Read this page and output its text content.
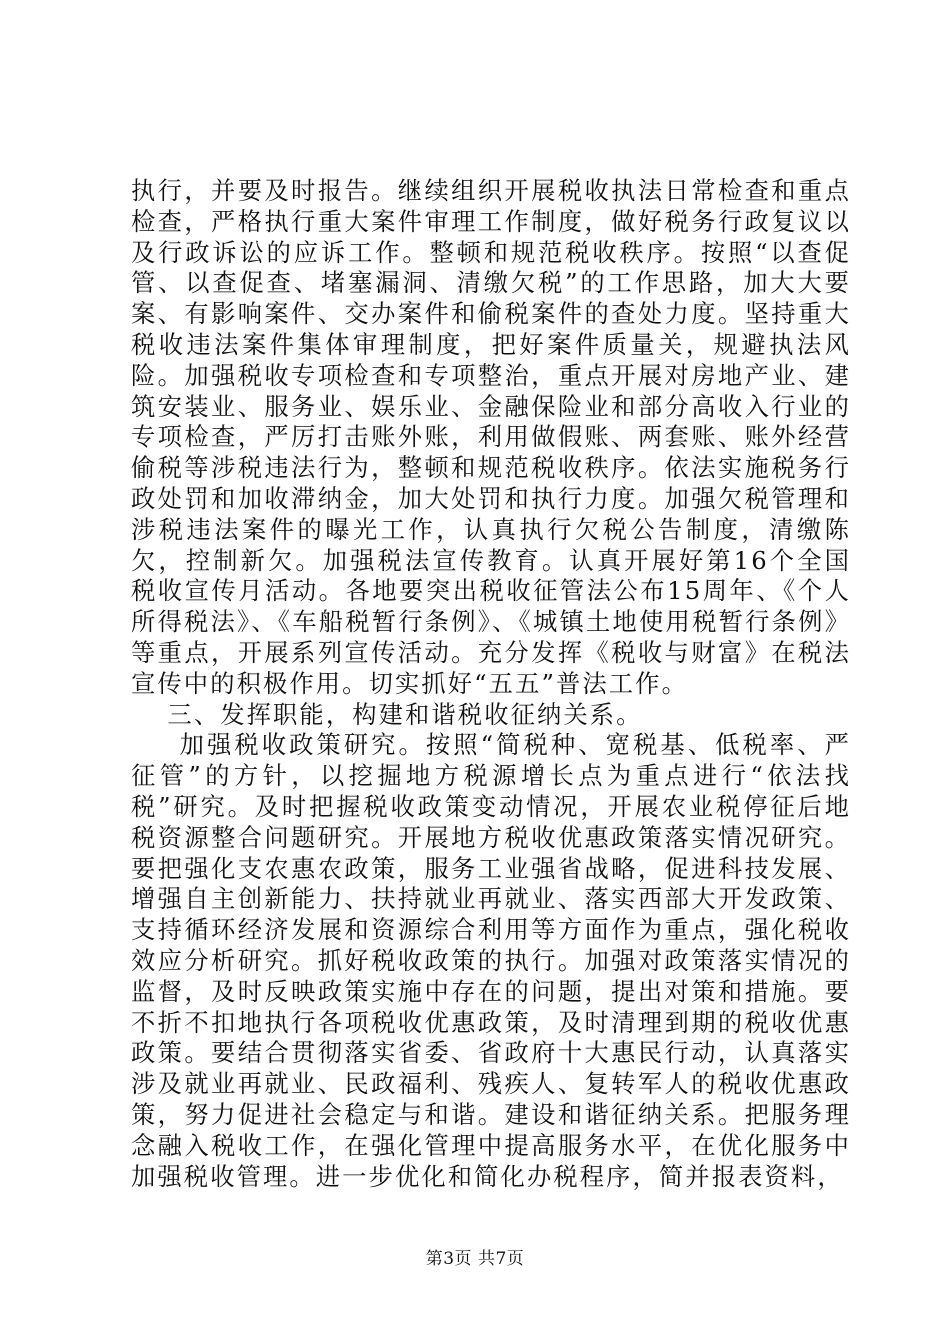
执行，并要及时报告。继续组织开展税收执法日常检查和重点检查，严格执行重大案件审理工作制度，做好税务行政复议以及行政诉讼的应诉工作。整顿和规范税收秩序。按照“以查促管、以查促查、堵塞漏洞、清缴欠税”的工作思路，加大大要案、有影响案件、交办案件和偷税案件的查处力度。坚持重大税收违法案件集体审理制度，把好案件质量关，规避执法风险。加强税收专项检查和专项整治，重点开展对房地产业、建筑安装业、服务业、娱乐业、金融保险业和部分高收入行业的专项检查，严厉打击账外账，利用做假账、两套账、账外经营偷税等涉税违法行为，整顿和规范税收秩序。依法实施税务行政处罚和加收滞纳金，加大处罚和执行力度。加强欠税管理和涉税违法案件的曝光工作，认真执行欠税公告制度，清缴陈欠，控制新欠。加强税法宣传教育。认真开展好第16个全国税收宣传月活动。各地要突出税收征管法公布15周年、《个人所得税法》、《车船税暂行条例》、《城镇土地使用税暂行条例》等重点，开展系列宣传活动。充分发挥《税收与财富》在税法宣传中的积极作用。切实抓好“五五”普法工作。

三、发挥职能，构建和谐税收征纳关系。

加强税收政策研究。按照“简税种、宽税基、低税率、严征管”的方针，以挖掘地方税源增长点为重点进行“依法找税”研究。及时把握税收政策变动情况，开展农业税停征后地税资源整合问题研究。开展地方税收优惠政策落实情况研究。要把强化支农惠农政策，服务工业强省战略，促进科技发展、增强自主创新能力、扶持就业再就业、落实西部大开发政策、支持循环经济发展和资源综合利用等方面作为重点，强化税收效应分析研究。抓好税收政策的执行。加强对政策落实情况的监督，及时反映政策实施中存在的问题，提出对策和措施。要不折不扣地执行各项税收优惠政策，及时清理到期的税收优惠政策。要结合贯彻落实省委、省政府十大惠民行动，认真落实涉及就业再就业、民政福利、残疾人、复转军人的税收优惠政策，努力促进社会稳定与和谐。建设和谐征纳关系。把服务理念融入税收工作，在强化管理中提高服务水平，在优化服务中加强税收管理。进一步优化和简化办税程序，简并报表资料，

第3页 共7页
